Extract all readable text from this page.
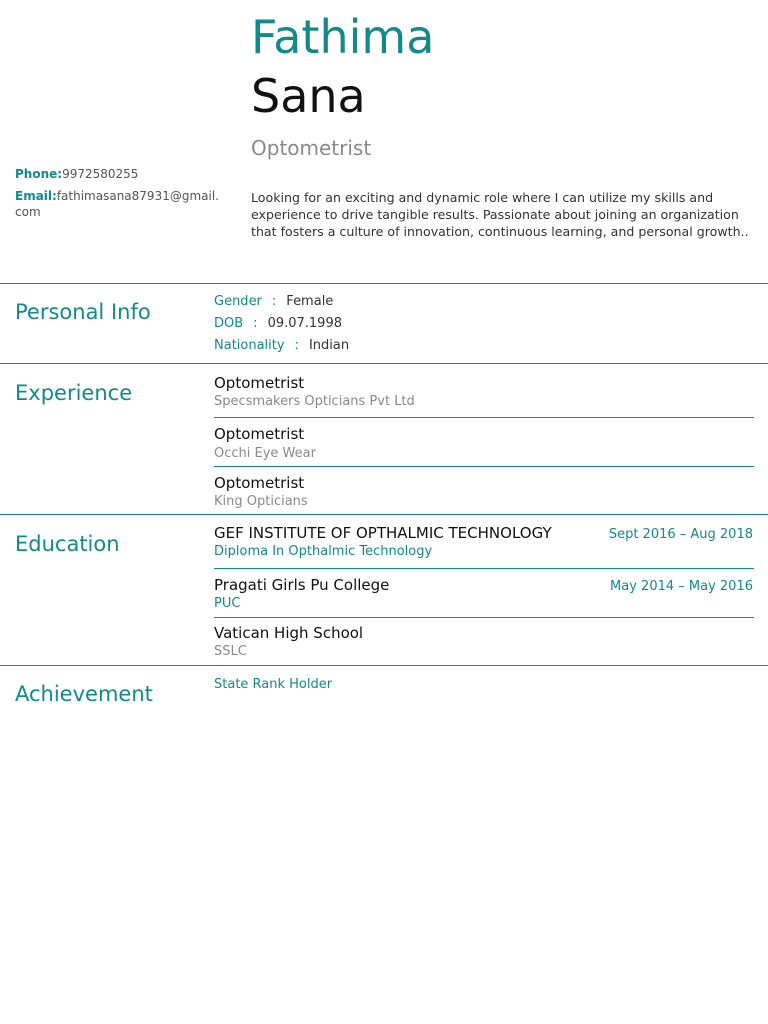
Fathima
Sana
Optometrist
Phone:9972580255
Email:fathimasana87931@gmail.com
Looking for an exciting and dynamic role where I can utilize my skills and experience to drive tangible results. Passionate about joining an organization that fosters a culture of innovation, continuous learning, and personal growth..
Personal Info	Gender : Female
DOB : 09.07.1998
Nationality : Indian
Experience	Optometrist
Specsmakers Opticians Pvt Ltd
Optometrist
Occhi Eye Wear
Optometrist
King Opticians
Education	GEF INSTITUTE OF OPTHALMIC TECHNOLOGY	Sept 2016 – Aug 2018
Diploma In Opthalmic Technology
Pragati Girls Pu College	May 2014 – May 2016
PUC
Vatican High School
SSLC
Achievement	State Rank Holder
